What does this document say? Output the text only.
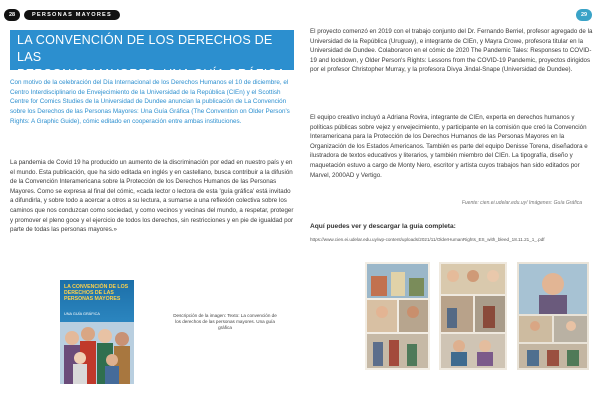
28	PERSONAS MAYORES
LA CONVENCIÓN DE LOS DERECHOS DE LAS
PERSONAS MAYORES: UNA GUÍA GRÁFICA

Con motivo de la celebración del Día Internacional de los Derechos Humanos el 10 de diciembre, el Centro Interdisciplinario de Envejecimiento de la Universidad de la República (CIEn) y el Scottish Centre for Comics Studies de la Universidad de Dundee anuncian la publicación de La Convención sobre los Derechos de las Personas Mayores: Una Guía Gráfica (The Convention on Older Person's Rights: A Graphic Guide), cómic editado en cooperación entre ambas instituciones.

La pandemia de Covid 19 ha producido un aumento de la discriminación por edad en nuestro país y en el mundo. Esta publicación, que ha sido editada en inglés y en castellano, busca contribuir a la difusión de la Convención Interamericana sobre la Protección de los Derechos Humanos de las Personas Mayores. Como se expresa al final del cómic, «cada lector o lectora de esta 'guía gráfica' está invitado a difundirla, y sobre todo a acercar a otros a su lectura, a sumarse a una reflexión colectiva sobre los caminos que nos conduzcan como sociedad, y como vecinos y vecinas del mundo, a respetar, proteger y promover el pleno goce y el ejercicio de todos los derechos, sin restricciones y en pie de igualdad por parte de todas las personas mayores.»

LA CONVENCIÓN DE LOS DERECHOS DE LAS PERSONAS MAYORES
UNA GUÍA GRÁFICA	Descripción de la imagen: Texto: La convención de los derechos de las personas mayores. Una guía gráfica

29

El proyecto comenzó en 2019 con el trabajo conjunto del Dr. Fernando Berriel, profesor agregado de la Universidad de la República (Uruguay), e integrante de CIEn, y Mayra Crowe, profesora titular en la Universidad de Dundee. Colaboraron en el cómic de 2020 The Pandemic Tales: Responses to COVID-19 and lockdown, y Older Person's Rights: Lessons from the COVID-19 Pandemic, proyectos dirigidos por el profesor Christopher Murray, y la profesora Divya Jindal-Snape (Universidad de Dundee).

El equipo creativo incluyó a Adriana Rovira, integrante de CIEn, experta en derechos humanos y políticas públicas sobre vejez y envejecimiento, y participante en la comisión que creó la Convención Interamericana para la Protección de los Derechos Humanos de las Personas Mayores en la Organización de los Estados Americanos. También es parte del equipo Denisse Torena, diseñadora e ilustradora de textos educativos y literarios, y también miembro del CIEn. La tipografía, diseño y maquetación estuvo a cargo de Monty Nero, escritor y artista cuyos trabajos han sido editados por Marvel, 2000AD y Vertigo.

Fuente: cien.ei.udelar.edu.uy/ Imágenes: Guía Gráfica

Aquí puedes ver y descargar la guía completa:

https://www.cien.ei.udelar.edu.uy/wp-content/uploads/2021/11/OlderHumanRights_ES_with_bleed_18.11.21_1_.pdf
